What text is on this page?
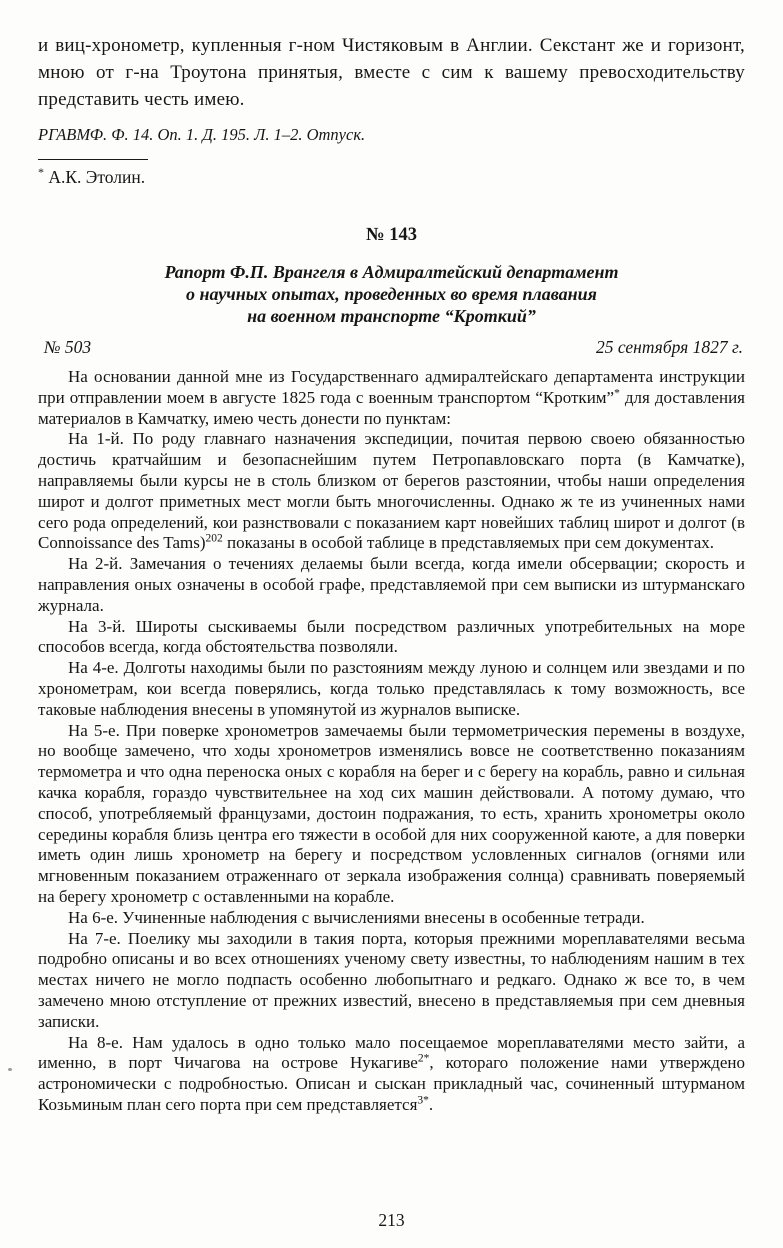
и виц-хронометр, купленныя г-ном Чистяковым в Англии. Секстант же и горизонт, мною от г-на Троутона принятыя, вместе с сим к вашему превосходительству представить честь имею.
РГАВМФ. Ф. 14. Оп. 1. Д. 195. Л. 1–2. Отпуск.
* А.К. Этолин.
№ 143
Рапорт Ф.П. Врангеля в Адмиралтейский департамент
о научных опытах, проведенных во время плавания
на военном транспорте “Кроткий”
№ 503	25 сентября 1827 г.

На основании данной мне из Государственнаго адмиралтейскаго департамента инструкции при отправлении моем в августе 1825 года с военным транспортом “Кротким”* для доставления материалов в Камчатку, имею честь донести по пунктам:

На 1-й. По роду главнаго назначения экспедиции, почитая первою своею обязанностью достичь кратчайшим и безопаснейшим путем Петропавловскаго порта (в Камчатке), направляемы были курсы не в столь близком от берегов разстоянии, чтобы наши определения широт и долгот приметных мест могли быть многочисленны. Однако ж те из учиненных нами сего рода определений, кои разнствовали с показанием карт новейших таблиц широт и долгот (в Connoissance des Tams)$^{202}$ показаны в особой таблице в представляемых при сем документах.

На 2-й. Замечания о течениях делаемы были всегда, когда имели обсервации; скорость и направления оных означены в особой графе, представляемой при сем выписки из штурманскаго журнала.

На 3-й. Широты сыскиваемы были посредством различных употребительных на море способов всегда, когда обстоятельства позволяли.

На 4-е. Долготы находимы были по разстояниям между луною и солнцем или звездами и по хронометрам, кои всегда поверялись, когда только представлялась к тому возможность, все таковые наблюдения внесены в упомянутой из журналов выписке.

На 5-е. При поверке хронометров замечаемы были термометрическия перемены в воздухе, но вообще замечено, что ходы хронометров изменялись вовсе не соответственно показаниям термометра и что одна переноска оных с корабля на берег и с берегу на корабль, равно и сильная качка корабля, гораздо чувствительнее на ход сих машин действовали. А потому думаю, что способ, употребляемый французами, достоин подражания, то есть, хранить хронометры около середины корабля близь центра его тяжести в особой для них сооруженной каюте, а для поверки иметь один лишь хронометр на берегу и посредством условленных сигналов (огнями или мгновенным показанием отраженнаго от зеркала изображения солнца) сравнивать поверяемый на берегу хронометр с оставленными на корабле.

На 6-е. Учиненные наблюдения с вычислениями внесены в особенные тетради.

На 7-е. Поелику мы заходили в такия порта, которыя прежними мореплавателями весьма подробно описаны и во всех отношениях ученому свету известны, то наблюдениям нашим в тех местах ничего не могло подпасть особенно любопытнаго и редкаго. Однако ж все то, в чем замечено мною отступление от прежних известий, внесено в представляемыя при сем дневныя записки.

На 8-е. Нам удалось в одно только мало посещаемое мореплавателями место зайти, а именно, в порт Чичагова на острове Нукагиве$^{2*}$, котораго положение нами утверждено астрономически с подробностью. Описан и сыскан прикладный час, сочиненный штурманом Козьминым план сего порта при сем представляется$^{3*}$.

213
